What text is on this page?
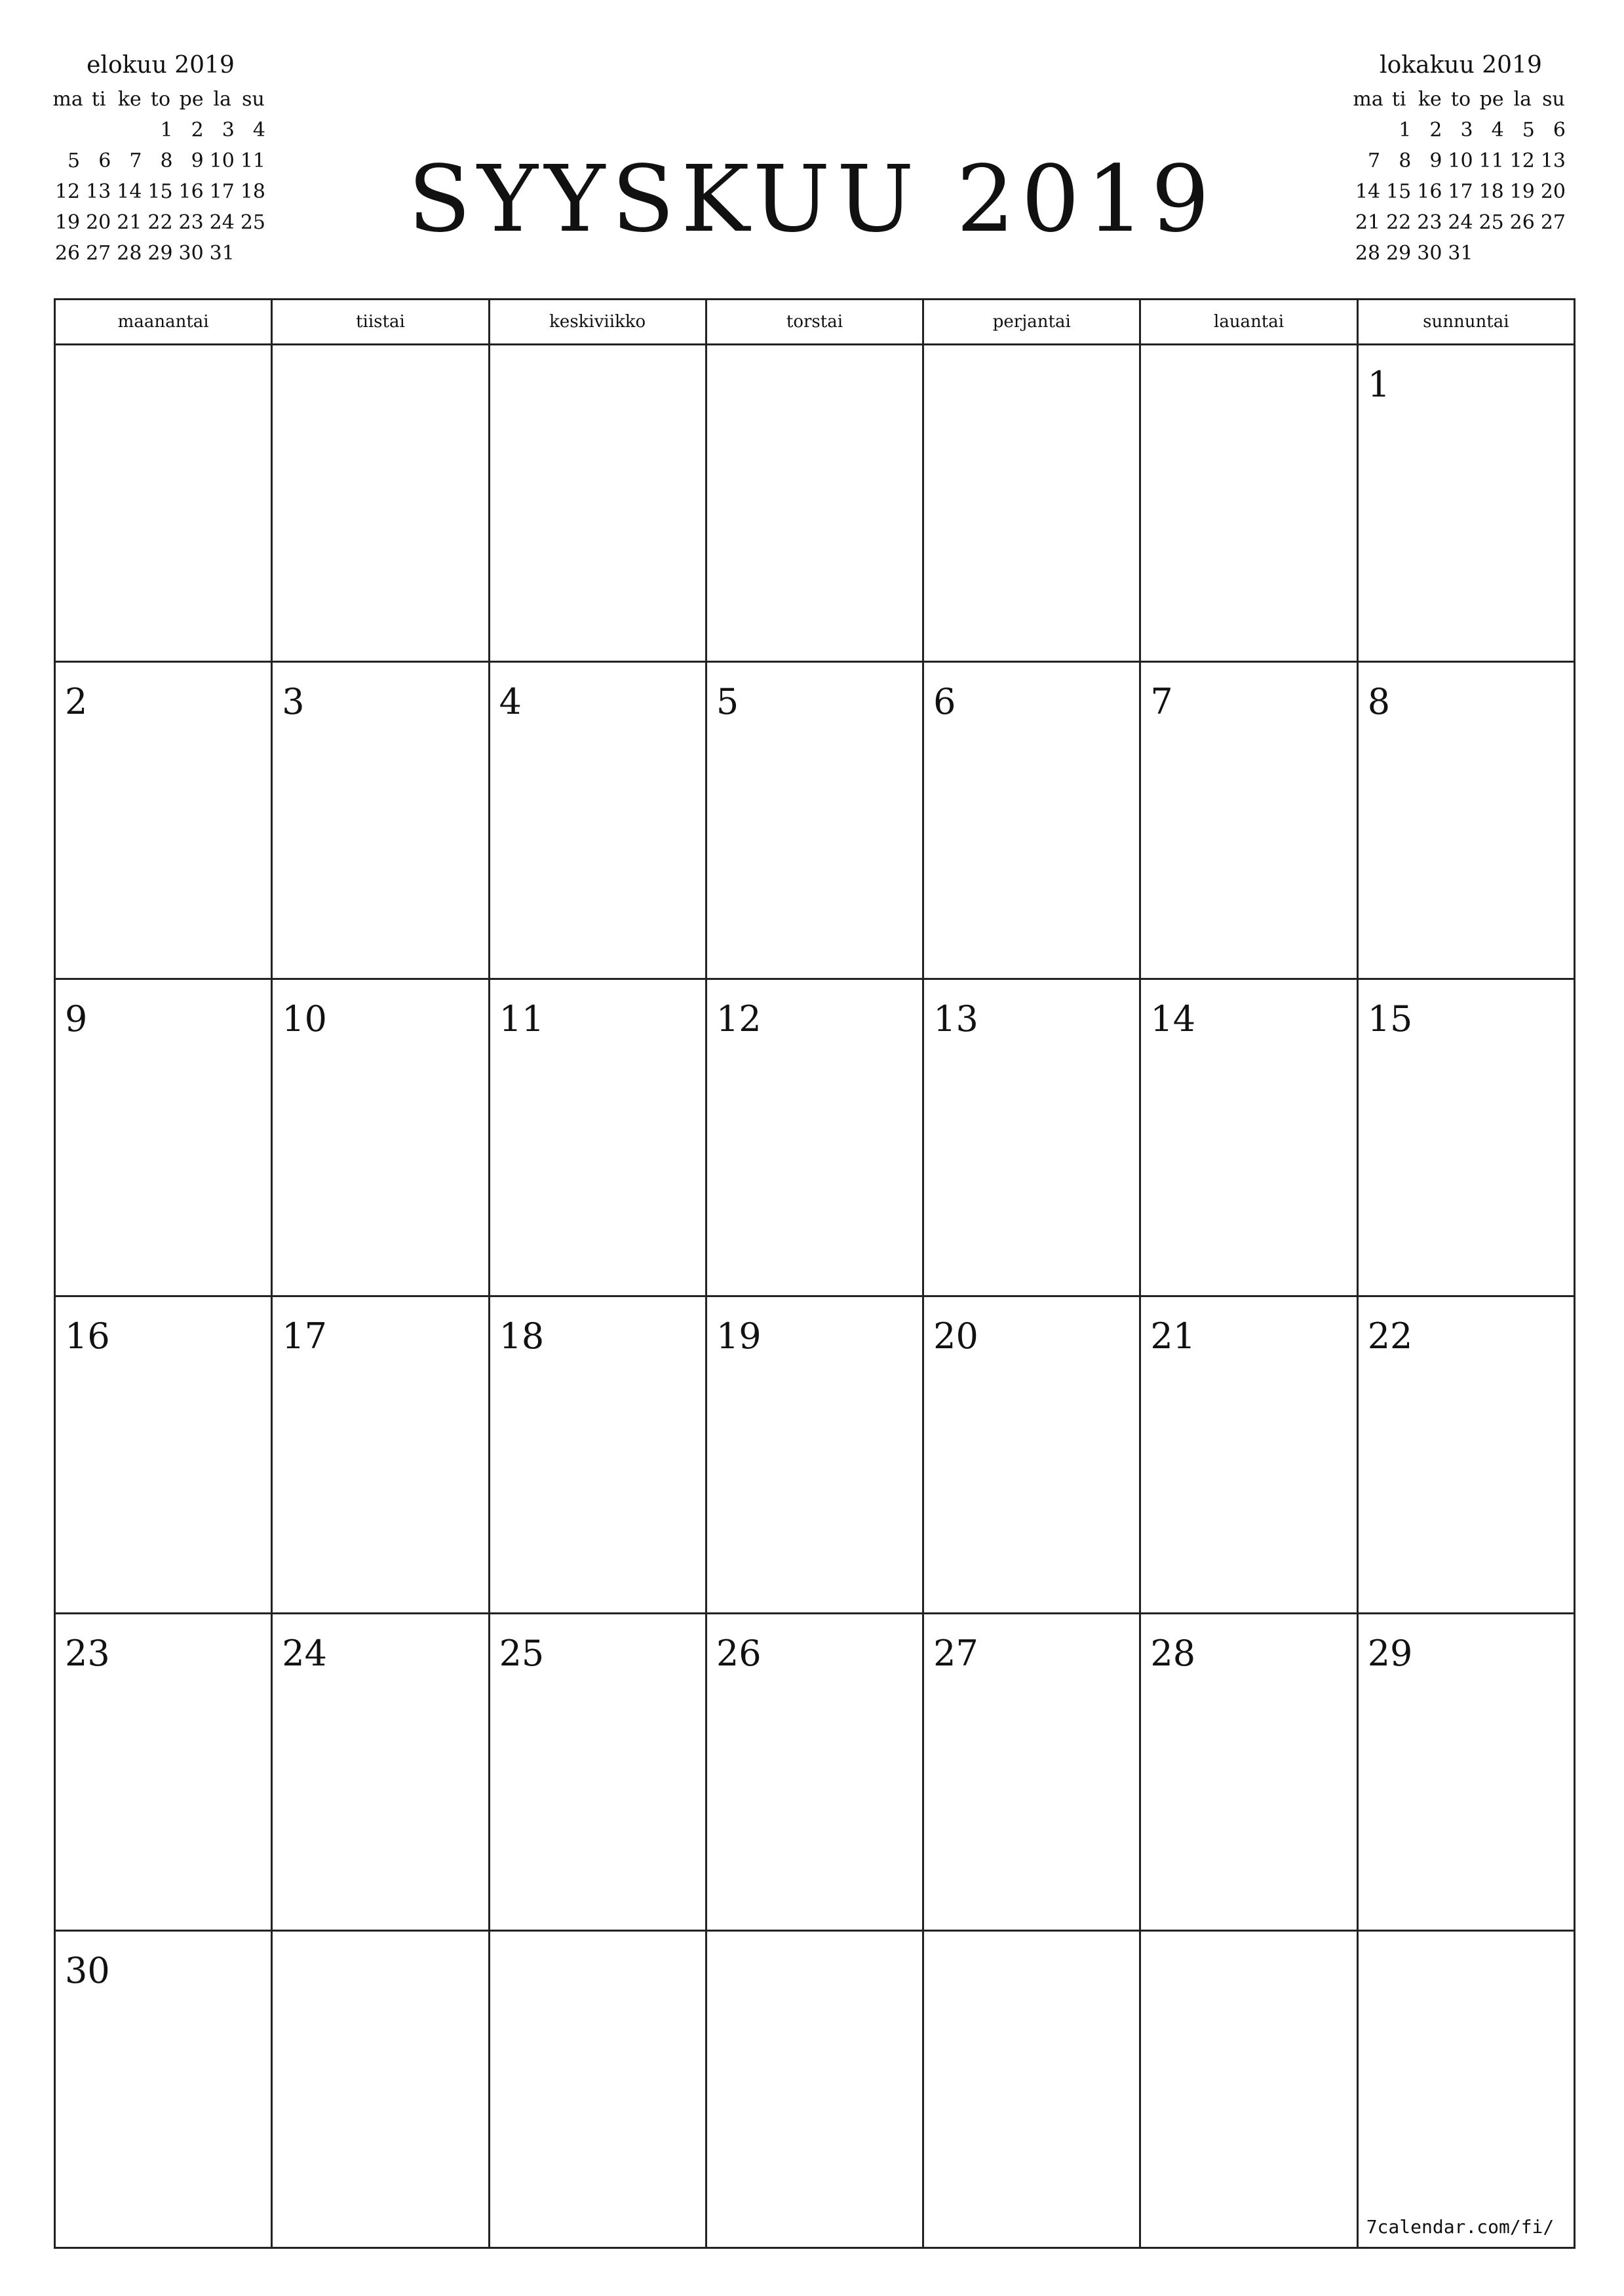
elokuu 2019
ma	ti	ke	to	pe	la	su
			1	2	3	4
5	6	7	8	9	10	11
12	13	14	15	16	17	18
19	20	21	22	23	24	25
26	27	28	29	30	31	
SYYSKUU 2019
lokakuu 2019
ma	ti	ke	to	pe	la	su
	1	2	3	4	5	6
7	8	9	10	11	12	13
14	15	16	17	18	19	20
21	22	23	24	25	26	27
28	29	30	31			
maanantai	tiistai	keskiviikko	torstai	perjantai	lauantai	sunnuntai

						1

2	3	4	5	6	7	8

9	10	11	12	13	14	15

16	17	18	19	20	21	22

23	24	25	26	27	28	29

30						7calendar.com/fi/
